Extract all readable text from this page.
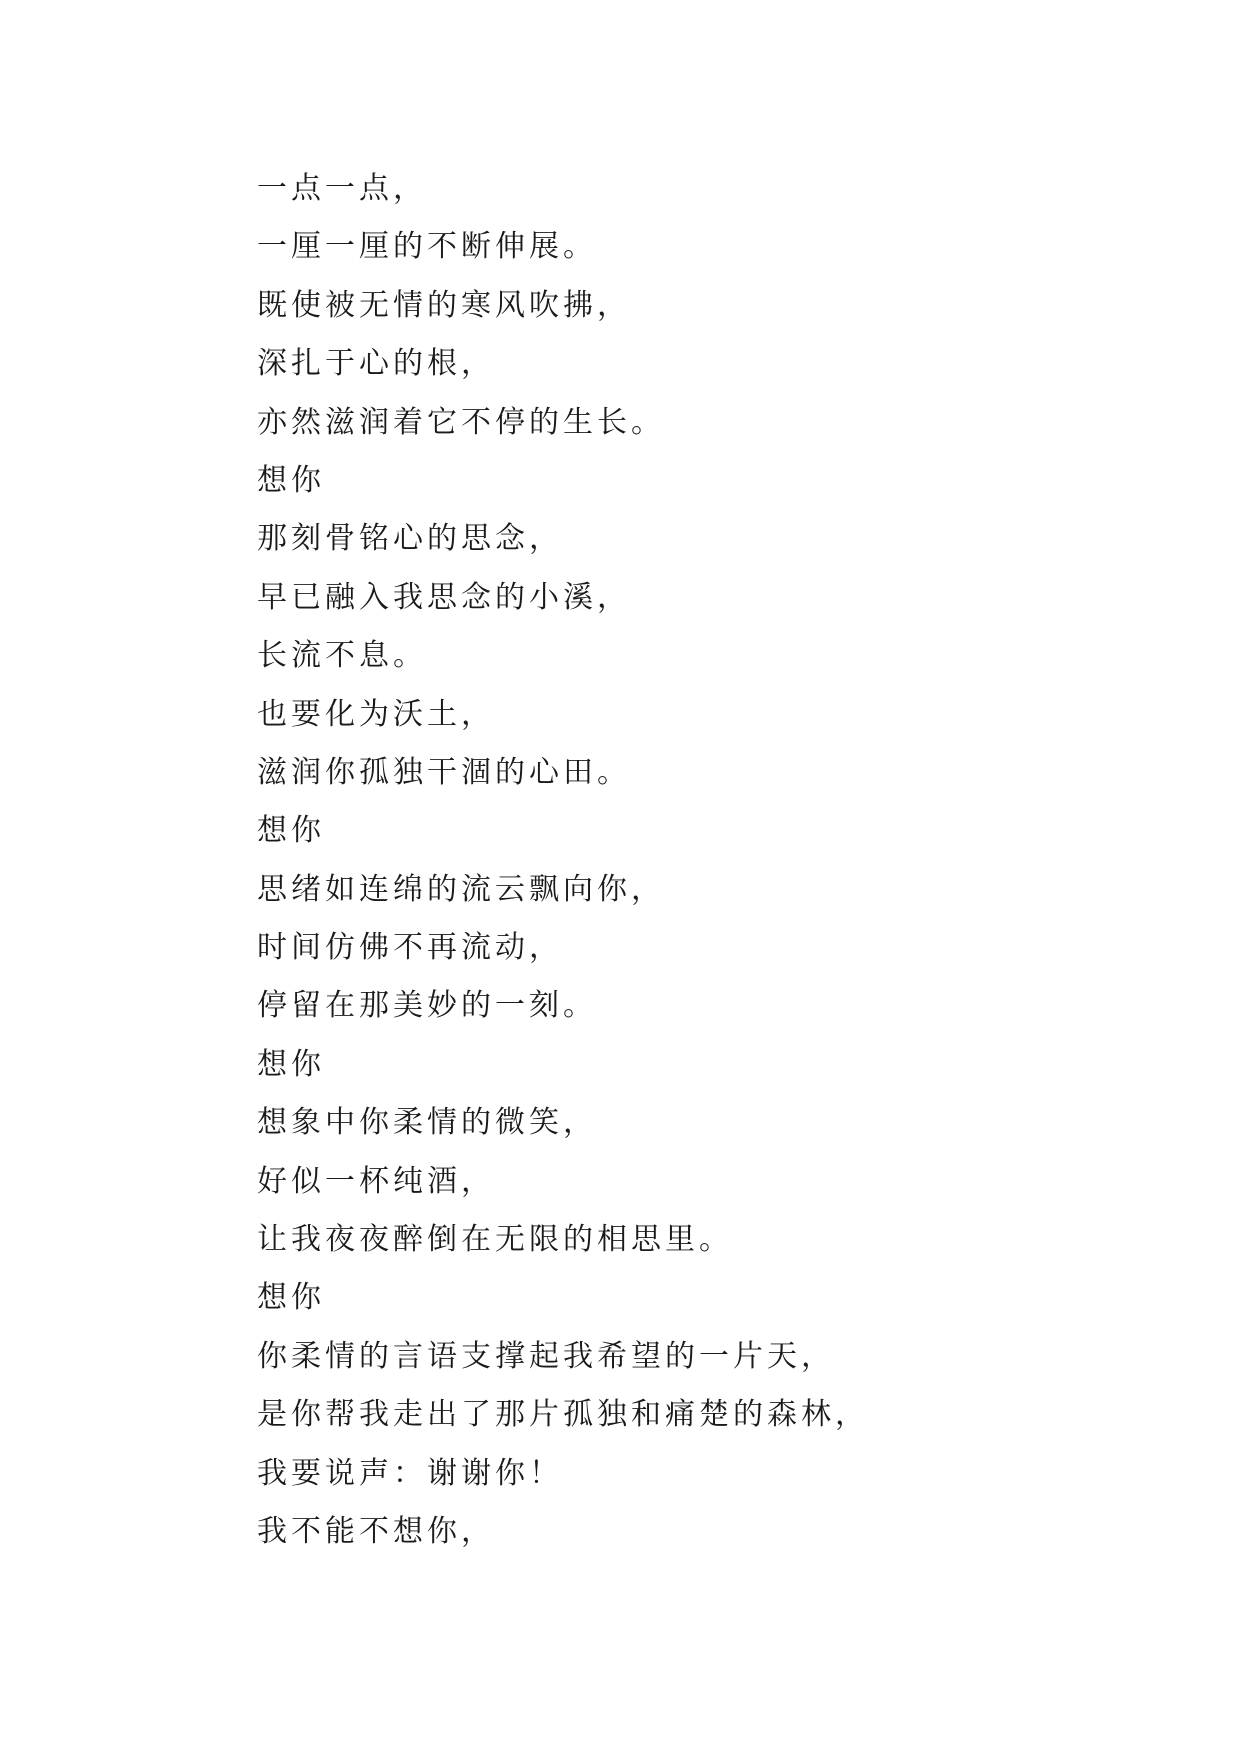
一点一点，
一厘一厘的不断伸展。
既使被无情的寒风吹拂，
深扎于心的根，
亦然滋润着它不停的生长。
想你
那刻骨铭心的思念，
早已融入我思念的小溪，
长流不息。
也要化为沃土，
滋润你孤独干涸的心田。
想你
思绪如连绵的流云飘向你，
时间仿佛不再流动，
停留在那美妙的一刻。
想你
想象中你柔情的微笑，
好似一杯纯酒，
让我夜夜醉倒在无限的相思里。
想你
你柔情的言语支撑起我希望的一片天，
是你帮我走出了那片孤独和痛楚的森林，
我要说声：谢谢你！
我不能不想你，
